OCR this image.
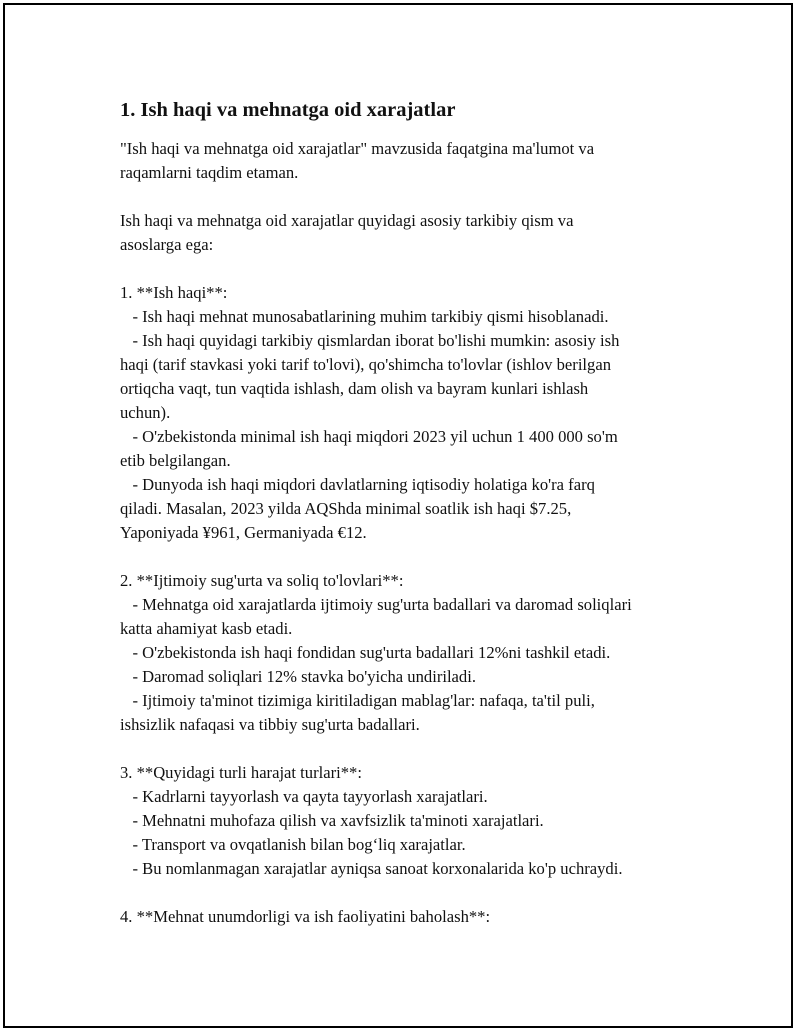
1. Ish haqi va mehnatga oid xarajatlar

"Ish haqi va mehnatga oid xarajatlar" mavzusida faqatgina ma'lumot va

raqamlarni taqdim etaman.

Ish haqi va mehnatga oid xarajatlar quyidagi asosiy tarkibiy qism va

asoslarga ega:

1. **Ish haqi**:

- Ish haqi mehnat munosabatlarining muhim tarkibiy qismi hisoblanadi.

- Ish haqi quyidagi tarkibiy qismlardan iborat bo'lishi mumkin: asosiy ish

haqi (tarif stavkasi yoki tarif to'lovi), qo'shimcha to'lovlar (ishlov berilgan

ortiqcha vaqt, tun vaqtida ishlash, dam olish va bayram kunlari ishlash

uchun).

- O'zbekistonda minimal ish haqi miqdori 2023 yil uchun 1 400 000 so'm

etib belgilangan.

- Dunyoda ish haqi miqdori davlatlarning iqtisodiy holatiga ko'ra farq

qiladi. Masalan, 2023 yilda AQShda minimal soatlik ish haqi $7.25,

Yaponiyada ¥961, Germaniyada €12.

2. **Ijtimoiy sug'urta va soliq to'lovlari**:

- Mehnatga oid xarajatlarda ijtimoiy sug'urta badallari va daromad soliqlari

katta ahamiyat kasb etadi.

- O'zbekistonda ish haqi fondidan sug'urta badallari 12%ni tashkil etadi.

- Daromad soliqlari 12% stavka bo'yicha undiriladi.

- Ijtimoiy ta'minot tizimiga kiritiladigan mablag'lar: nafaqa, ta'til puli,

ishsizlik nafaqasi va tibbiy sug'urta badallari.

3. **Quyidagi turli harajat turlari**:

- Kadrlarni tayyorlash va qayta tayyorlash xarajatlari.

- Mehnatni muhofaza qilish va xavfsizlik ta'minoti xarajatlari.

- Transport va ovqatlanish bilan bog‘liq xarajatlar.

- Bu nomlanmagan xarajatlar ayniqsa sanoat korxonalarida ko'p uchraydi.

4. **Mehnat unumdorligi va ish faoliyatini baholash**:
